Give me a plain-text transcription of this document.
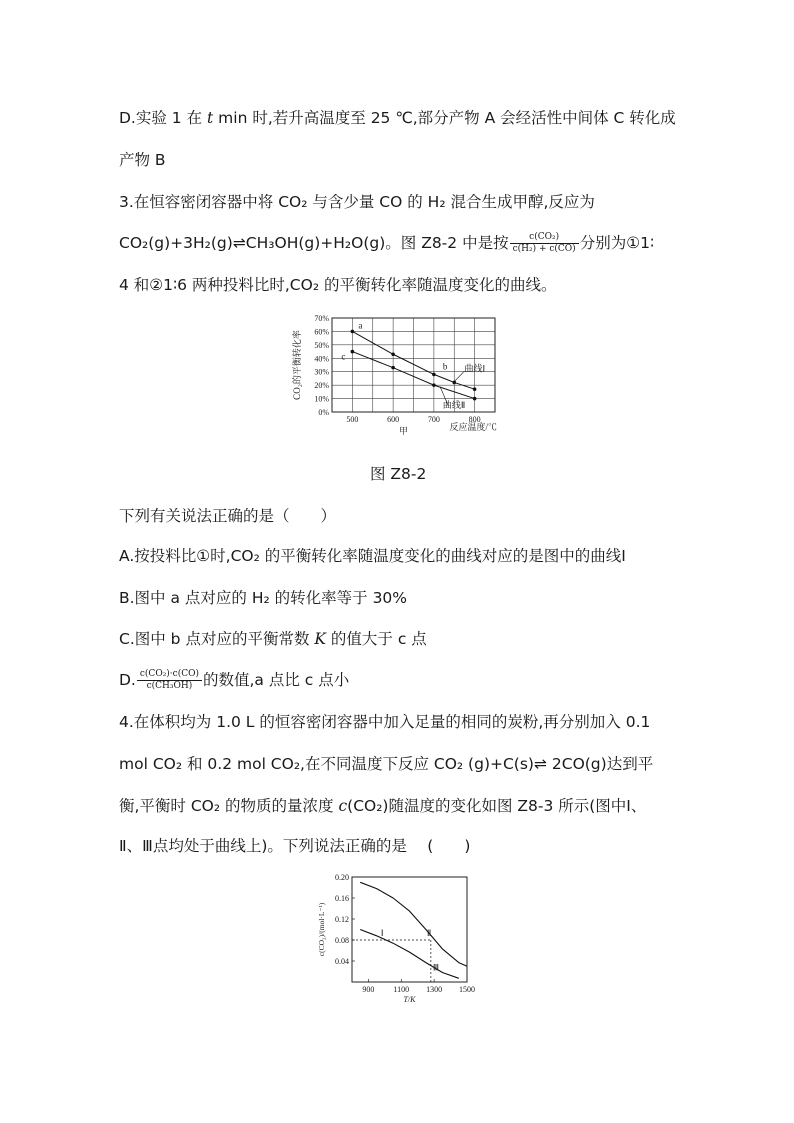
D.实验 1 在 t min 时,若升高温度至 25 ℃,部分产物 A 会经活性中间体 C 转化成
产物 B
3.在恒容密闭容器中将 CO₂ 与含少量 CO 的 H₂ 混合生成甲醇,反应为
CO₂(g)+3H₂(g)⇌CH₃OH(g)+H₂O(g)。图 Z8-2 中是按 $\frac{\text{c(CO₂)}}{\text{c(H₂) + c(CO)}}$ 分别为①1∶
4 和②1∶6 两种投料比时,CO₂ 的平衡转化率随温度变化的曲线。
0%
10%
20%
30%
40%
50%
60%
70%
500	600	700	800
甲	反应温度/℃
CO₂的平衡转化率	曲线Ⅰ
曲线Ⅱ
a
b
c
图 Z8-2
下列有关说法正确的是（　　）
A.按投料比①时,CO₂ 的平衡转化率随温度变化的曲线对应的是图中的曲线Ⅰ
B.图中 a 点对应的 H₂ 的转化率等于 30%
C.图中 b 点对应的平衡常数 K 的值大于 c 点
D. $\frac{\text{c(CO₂)·c(CO)}}{\text{c(CH₃OH)}}$ 的数值,a 点比 c 点小
4.在体积均为 1.0 L 的恒容密闭容器中加入足量的相同的炭粉,再分别加入 0.1
mol CO₂ 和 0.2 mol CO₂,在不同温度下反应 CO₂ (g)+C(s)⇌ 2CO(g)达到平
衡,平衡时 CO₂ 的物质的量浓度 c(CO₂)随温度的变化如图 Z8-3 所示(图中Ⅰ、
Ⅱ、Ⅲ点均处于曲线上)。下列说法正确的是　 (　　)
0.04
0.08
0.12
0.16
0.20
900 1100 1300 1500
T/K
c(CO₂)/(mol·L⁻¹)	Ⅰ	Ⅱ
Ⅲ
